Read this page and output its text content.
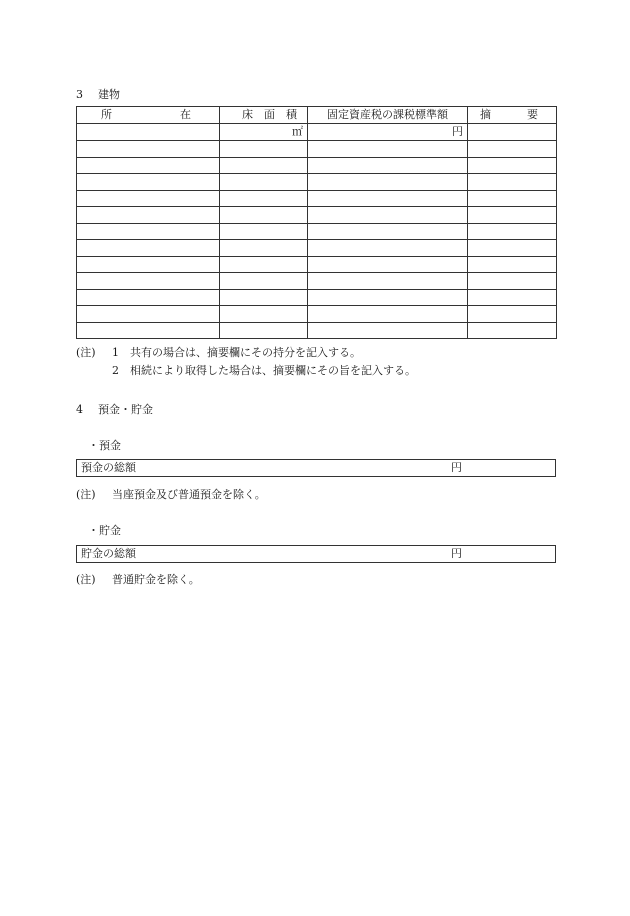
3 建物
所 在	床 面 積	固定資産税の課税標準額	摘 要

	㎡	円	

(注) 1 共有の場合は、摘要欄にその持分を記入する。
2 相続により取得した場合は、摘要欄にその旨を記入する。
4 預金・貯金
・預金
預金の総額	円
(注) 当座預金及び普通預金を除く。
・貯金
貯金の総額	円
(注) 普通貯金を除く。
